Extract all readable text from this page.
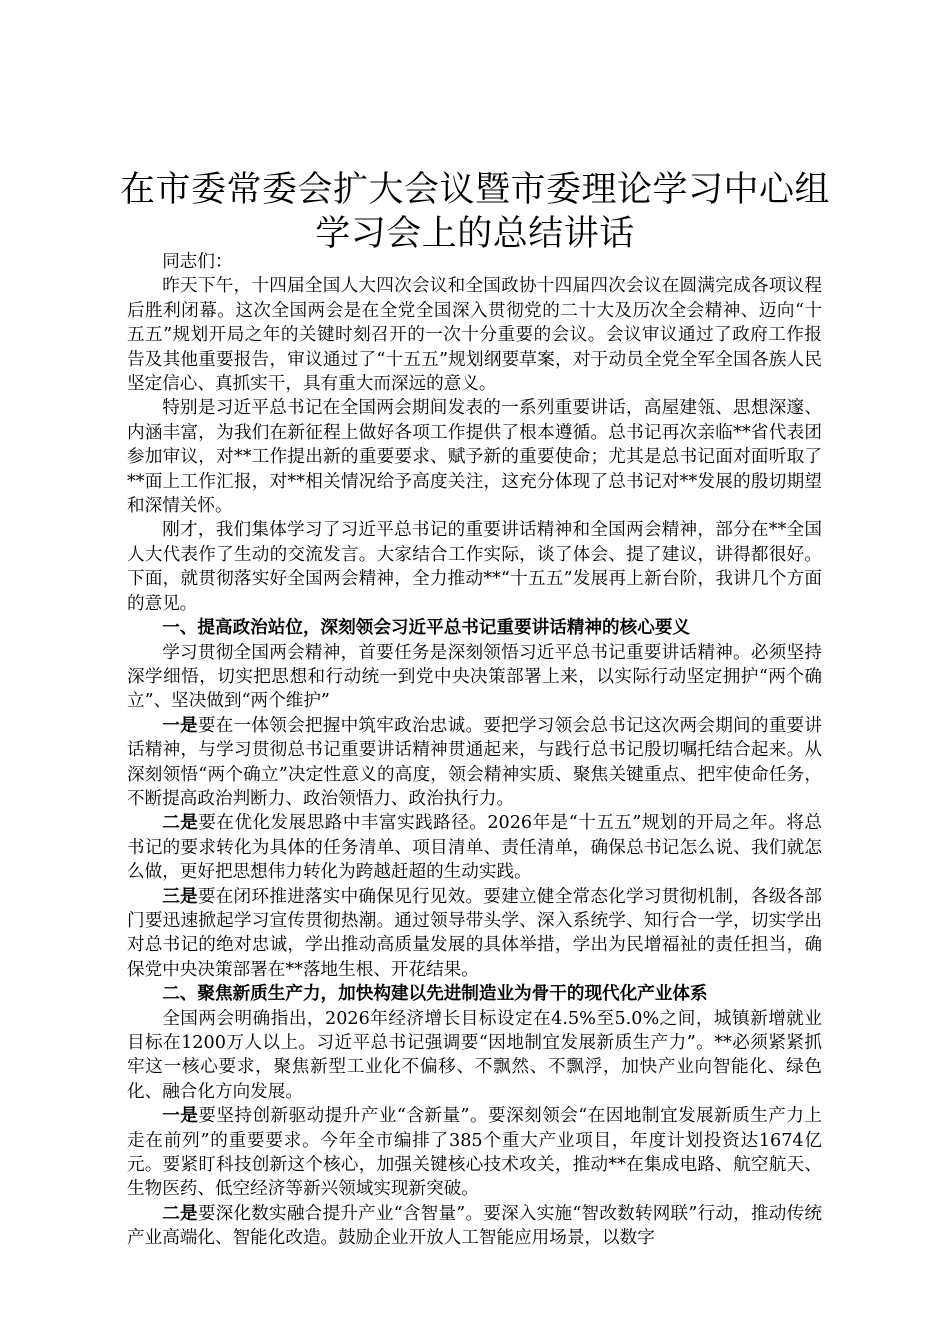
在市委常委会扩大会议暨市委理论学习中心组
学习会上的总结讲话

同志们：

昨天下午，十四届全国人大四次会议和全国政协十四届四次会议在圆满完成各项议程后胜利闭幕。这次全国两会是在全党全国深入贯彻党的二十大及历次全会精神、迈向“十五五”规划开局之年的关键时刻召开的一次十分重要的会议。会议审议通过了政府工作报告及其他重要报告，审议通过了“十五五”规划纲要草案，对于动员全党全军全国各族人民坚定信心、真抓实干，具有重大而深远的意义。

特别是习近平总书记在全国两会期间发表的一系列重要讲话，高屋建瓴、思想深邃、内涵丰富，为我们在新征程上做好各项工作提供了根本遵循。总书记再次亲临**省代表团参加审议，对**工作提出新的重要要求、赋予新的重要使命；尤其是总书记面对面听取了**面上工作汇报，对**相关情况给予高度关注，这充分体现了总书记对**发展的殷切期望和深情关怀。

刚才，我们集体学习了习近平总书记的重要讲话精神和全国两会精神，部分在**全国人大代表作了生动的交流发言。大家结合工作实际，谈了体会、提了建议，讲得都很好。下面，就贯彻落实好全国两会精神，全力推动**“十五五”发展再上新台阶，我讲几个方面的意见。

一、提高政治站位，深刻领会习近平总书记重要讲话精神的核心要义

学习贯彻全国两会精神，首要任务是深刻领悟习近平总书记重要讲话精神。必须坚持深学细悟，切实把思想和行动统一到党中央决策部署上来，以实际行动坚定拥护“两个确立”、坚决做到“两个维护”

一是要在一体领会把握中筑牢政治忠诚。要把学习领会总书记这次两会期间的重要讲话精神，与学习贯彻总书记重要讲话精神贯通起来，与践行总书记殷切嘱托结合起来。从深刻领悟“两个确立”决定性意义的高度，领会精神实质、聚焦关键重点、把牢使命任务，不断提高政治判断力、政治领悟力、政治执行力。

二是要在优化发展思路中丰富实践路径。2026年是“十五五”规划的开局之年。将总书记的要求转化为具体的任务清单、项目清单、责任清单，确保总书记怎么说、我们就怎么做，更好把思想伟力转化为跨越赶超的生动实践。

三是要在闭环推进落实中确保见行见效。要建立健全常态化学习贯彻机制，各级各部门要迅速掀起学习宣传贯彻热潮。通过领导带头学、深入系统学、知行合一学，切实学出对总书记的绝对忠诚，学出推动高质量发展的具体举措，学出为民增福祉的责任担当，确保党中央决策部署在**落地生根、开花结果。

二、聚焦新质生产力，加快构建以先进制造业为骨干的现代化产业体系

全国两会明确指出，2026年经济增长目标设定在4.5%至5.0%之间，城镇新增就业目标在1200万人以上。习近平总书记强调要“因地制宜发展新质生产力”。**必须紧紧抓牢这一核心要求，聚焦新型工业化不偏移、不飘然、不飘浮，加快产业向智能化、绿色化、融合化方向发展。

一是要坚持创新驱动提升产业“含新量”。要深刻领会“在因地制宜发展新质生产力上走在前列”的重要要求。今年全市编排了385个重大产业项目，年度计划投资达1674亿元。要紧盯科技创新这个核心，加强关键核心技术攻关，推动**在集成电路、航空航天、生物医药、低空经济等新兴领域实现新突破。

二是要深化数实融合提升产业“含智量”。要深入实施“智改数转网联”行动，推动传统产业高端化、智能化改造。鼓励企业开放人工智能应用场景，以数字
